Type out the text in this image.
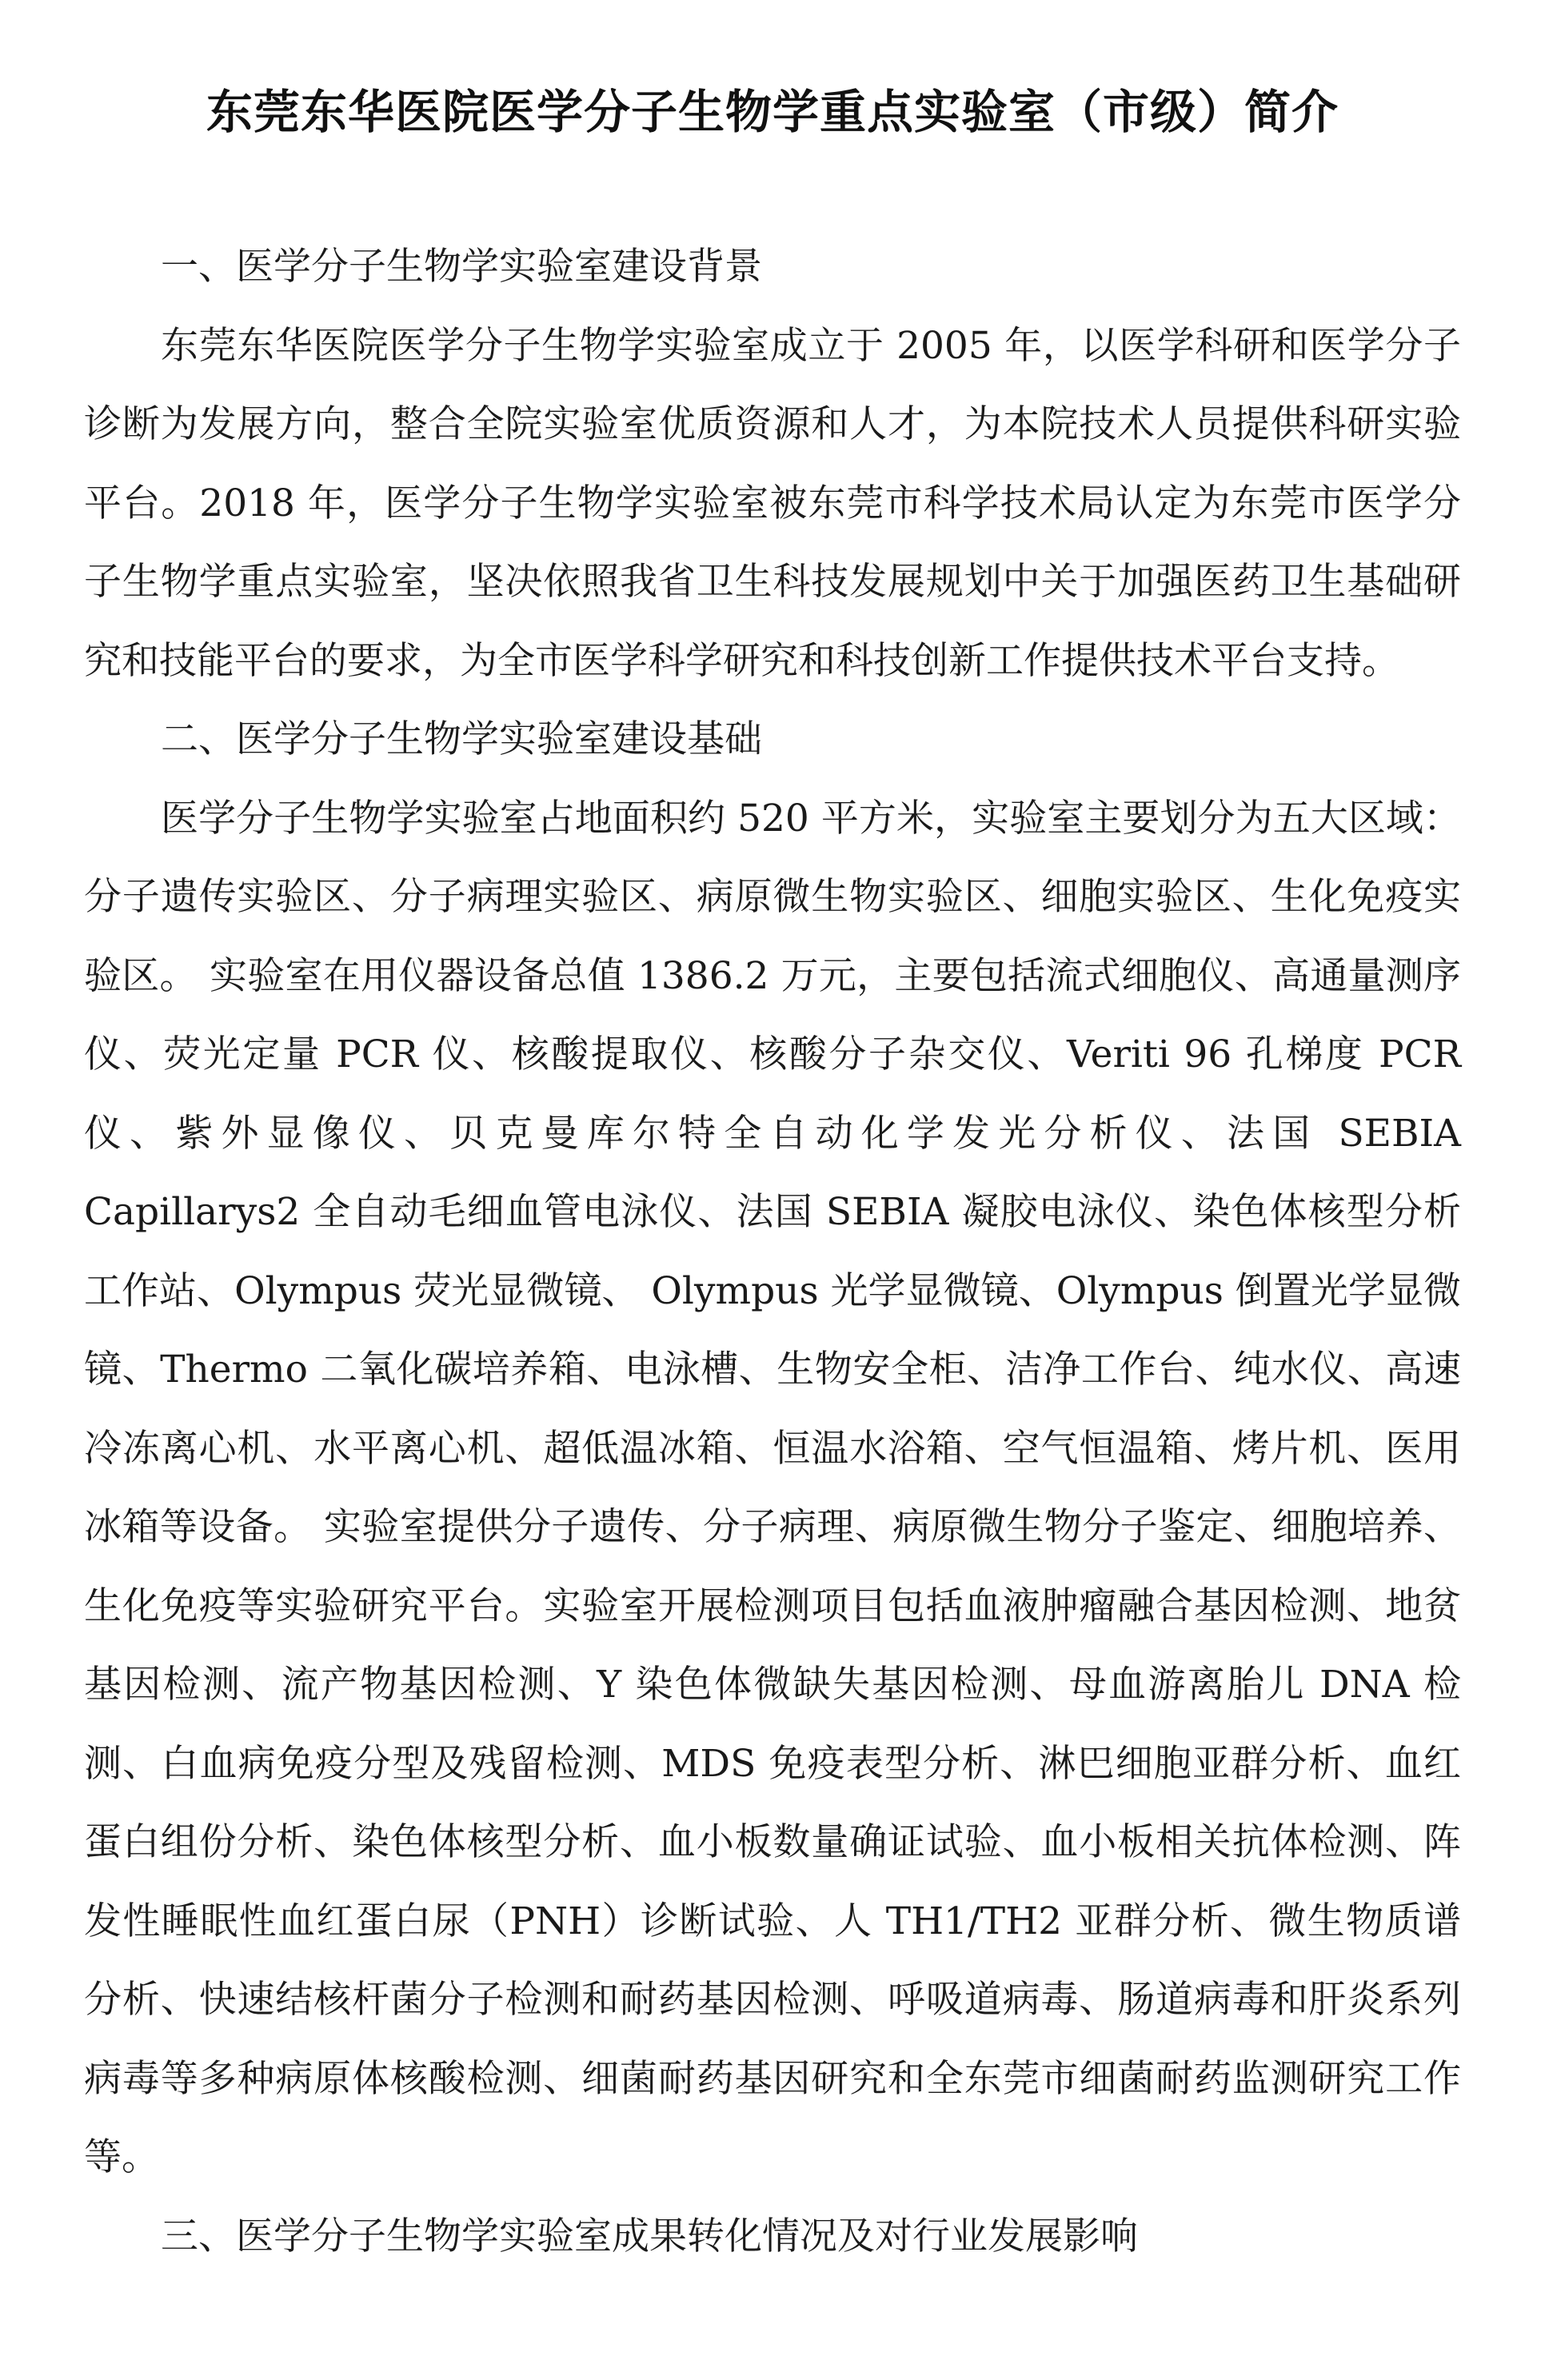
东莞东华医院医学分子生物学重点实验室（市级）简介

一、医学分子生物学实验室建设背景

东莞东华医院医学分子生物学实验室成立于 2005 年，以医学科研和医学分子诊断为发展方向，整合全院实验室优质资源和人才，为本院技术人员提供科研实验平台。2018 年，医学分子生物学实验室被东莞市科学技术局认定为东莞市医学分子生物学重点实验室，坚决依照我省卫生科技发展规划中关于加强医药卫生基础研究和技能平台的要求，为全市医学科学研究和科技创新工作提供技术平台支持。

二、医学分子生物学实验室建设基础

医学分子生物学实验室占地面积约 520 平方米，实验室主要划分为五大区域：分子遗传实验区、分子病理实验区、病原微生物实验区、细胞实验区、生化免疫实验区。 实验室在用仪器设备总值 1386.2 万元，主要包括流式细胞仪、高通量测序仪、荧光定量 PCR 仪、核酸提取仪、核酸分子杂交仪、Veriti 96 孔梯度 PCR 仪、紫外显像仪、贝克曼库尔特全自动化学发光分析仪、法国 SEBIA Capillarys2 全自动毛细血管电泳仪、法国 SEBIA 凝胶电泳仪、染色体核型分析工作站、Olympus 荧光显微镜、 Olympus 光学显微镜、Olympus 倒置光学显微镜、Thermo 二氧化碳培养箱、电泳槽、生物安全柜、洁净工作台、纯水仪、高速冷冻离心机、水平离心机、超低温冰箱、恒温水浴箱、空气恒温箱、烤片机、医用冰箱等设备。 实验室提供分子遗传、分子病理、病原微生物分子鉴定、细胞培养、生化免疫等实验研究平台。实验室开展检测项目包括血液肿瘤融合基因检测、地贫基因检测、流产物基因检测、Y 染色体微缺失基因检测、母血游离胎儿 DNA 检测、白血病免疫分型及残留检测、MDS 免疫表型分析、淋巴细胞亚群分析、血红蛋白组份分析、染色体核型分析、血小板数量确证试验、血小板相关抗体检测、阵发性睡眠性血红蛋白尿（PNH）诊断试验、人 TH1/TH2 亚群分析、微生物质谱分析、快速结核杆菌分子检测和耐药基因检测、呼吸道病毒、肠道病毒和肝炎系列病毒等多种病原体核酸检测、细菌耐药基因研究和全东莞市细菌耐药监测研究工作等。

三、医学分子生物学实验室成果转化情况及对行业发展影响
